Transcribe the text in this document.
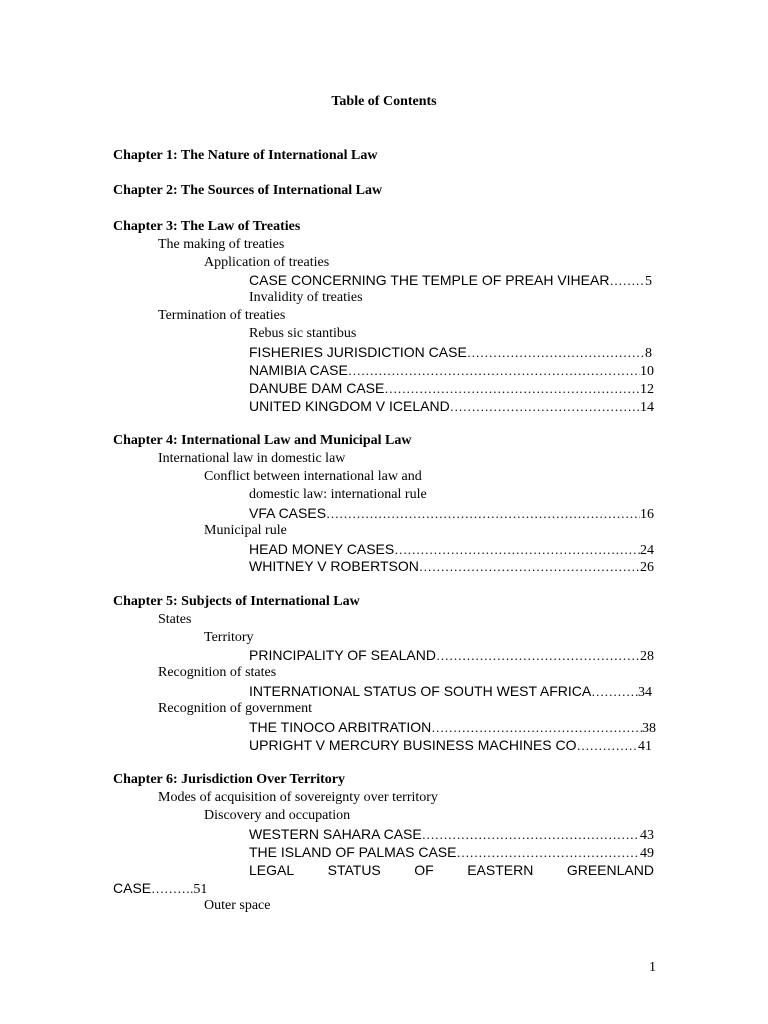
Table of Contents
Chapter 1: The Nature of International Law
Chapter 2: The Sources of International Law
Chapter 3: The Law of Treaties
The making of treaties
Application of treaties
CASE CONCERNING THE TEMPLE OF PREAH VIHEAR …………………………………………………………………………………………………………………………………………………………………………	5
Invalidity of treaties
Termination of treaties
Rebus sic stantibus
FISHERIES JURISDICTION CASE …………………………………………………………………………………………………………………………………………………………………………	8
NAMIBIA CASE …………………………………………………………………………………………………………………………………………………………………………	10
DANUBE DAM CASE …………………………………………………………………………………………………………………………………………………………………………	12
UNITED KINGDOM V ICELAND …………………………………………………………………………………………………………………………………………………………………………	14
Chapter 4: International Law and Municipal Law
International law in domestic law
Conflict between international law and
domestic law: international rule
VFA CASES …………………………………………………………………………………………………………………………………………………………………………	16
Municipal rule
HEAD MONEY CASES …………………………………………………………………………………………………………………………………………………………………………	24
WHITNEY V ROBERTSON …………………………………………………………………………………………………………………………………………………………………………	26
Chapter 5: Subjects of International Law
States
Territory
PRINCIPALITY OF SEALAND …………………………………………………………………………………………………………………………………………………………………………	28
Recognition of states
INTERNATIONAL STATUS OF SOUTH WEST AFRICA …………………………………………………………………………………………………………………………………………………………………………	34
Recognition of government
THE TINOCO ARBITRATION …………………………………………………………………………………………………………………………………………………………………………	38
UPRIGHT V MERCURY BUSINESS MACHINES CO …………………………………………………………………………………………………………………………………………………………………………	41
Chapter 6: Jurisdiction Over Territory
Modes of acquisition of sovereignty over territory
Discovery and occupation
WESTERN SAHARA CASE …………………………………………………………………………………………………………………………………………………………………………	43
THE ISLAND OF PALMAS CASE …………………………………………………………………………………………………………………………………………………………………………	49
LEGAL STATUS OF EASTERN GREENLAND
CASE……….51
Outer space
1
